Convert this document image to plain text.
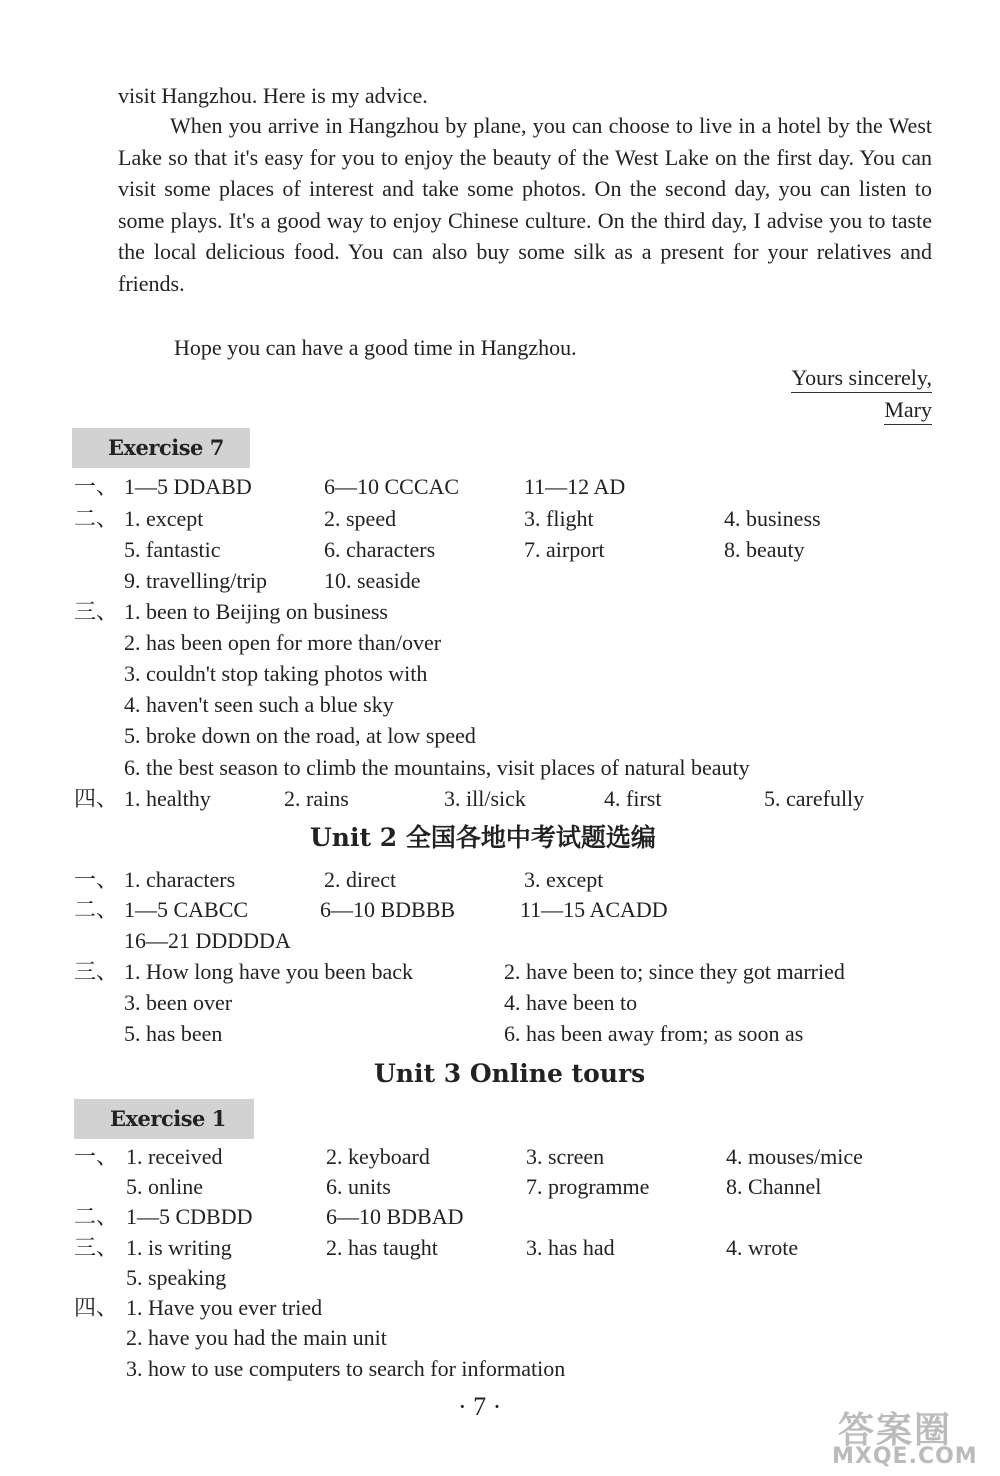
visit Hangzhou. Here is my advice.
When you arrive in Hangzhou by plane, you can choose to live in a hotel by the West Lake so that it's easy for you to enjoy the beauty of the West Lake on the first day. You can visit some places of interest and take some photos. On the second day, you can listen to some plays. It's a good way to enjoy Chinese culture. On the third day, I advise you to taste the local delicious food. You can also buy some silk as a present for your relatives and friends.
Hope you can have a good time in Hangzhou.
Yours sincerely,
Mary
Exercise 7
一、 1—5 DDABD	6—10 CCCAC	11—12 AD
二、 1. except	2. speed	3. flight	4. business
5. fantastic	6. characters	7. airport	8. beauty
9. travelling/trip	10. seaside
三、 1. been to Beijing on business
2. has been open for more than/over
3. couldn't stop taking photos with
4. haven't seen such a blue sky
5. broke down on the road, at low speed
6. the best season to climb the mountains, visit places of natural beauty
四、 1. healthy	2. rains	3. ill/sick	4. first	5. carefully
Unit 2 全国各地中考试题选编
一、 1. characters	2. direct	3. except
二、 1—5 CABCC	6—10 BDBBB	11—15 ACADD
16—21 DDDDDA
三、 1. How long have you been back	2. have been to; since they got married
3. been over	4. have been to
5. has been	6. has been away from; as soon as
Unit 3 Online tours
Exercise 1
一、 1. received	2. keyboard	3. screen	4. mouses/mice
5. online	6. units	7. programme	8. Channel
二、 1—5 CDBDD	6—10 BDBAD
三、 1. is writing	2. has taught	3. has had	4. wrote
5. speaking
四、 1. Have you ever tried
2. have you had the main unit
3. how to use computers to search for information
· 7 ·
答案圈
MXQE.COM
